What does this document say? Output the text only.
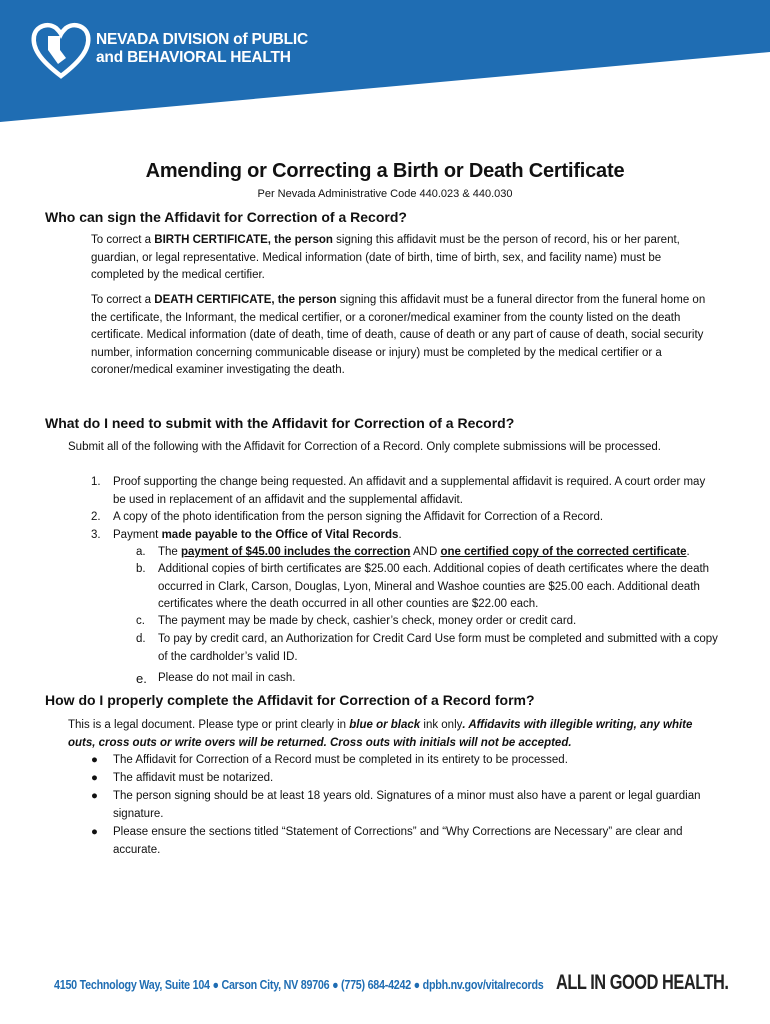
NEVADA DIVISION of PUBLIC
and BEHAVIORAL HEALTH
Amending or Correcting a Birth or Death Certificate
Per Nevada Administrative Code 440.023 & 440.030
Who can sign the Affidavit for Correction of a Record?

To correct a BIRTH CERTIFICATE, the person signing this affidavit must be the person of record, his or her parent, guardian, or legal representative. Medical information (date of birth, time of birth, sex, and facility name) must be completed by the medical certifier.

To correct a DEATH CERTIFICATE, the person signing this affidavit must be a funeral director from the funeral home on the certificate, the Informant, the medical certifier, or a coroner/medical examiner from the county listed on the death certificate. Medical information (date of death, time of death, cause of death or any part of cause of death, social security number, information concerning communicable disease or injury) must be completed by the medical certifier or a coroner/medical examiner investigating the death.

What do I need to submit with the Affidavit for Correction of a Record?

Submit all of the following with the Affidavit for Correction of a Record. Only complete submissions will be processed.

1. Proof supporting the change being requested. An affidavit and a supplemental affidavit is required. A court order may be used in replacement of an affidavit and the supplemental affidavit.
2. A copy of the photo identification from the person signing the Affidavit for Correction of a Record.
3. Payment made payable to the Office of Vital Records.
a. The payment of $45.00 includes the correction AND one certified copy of the corrected certificate.
b. Additional copies of birth certificates are $25.00 each. Additional copies of death certificates where the death occurred in Clark, Carson, Douglas, Lyon, Mineral and Washoe counties are $25.00 each. Additional death certificates where the death occurred in all other counties are $22.00 each.
c. The payment may be made by check, cashier’s check, money order or credit card.
d. To pay by credit card, an Authorization for Credit Card Use form must be completed and submitted with a copy of the cardholder’s valid ID.
e. Please do not mail in cash.
How do I properly complete the Affidavit for Correction of a Record form?

This is a legal document. Please type or print clearly in blue or black ink only. Affidavits with illegible writing, any white outs, cross outs or write overs will be returned. Cross outs with initials will not be accepted.

● The Affidavit for Correction of a Record must be completed in its entirety to be processed.
● The affidavit must be notarized.
● The person signing should be at least 18 years old. Signatures of a minor must also have a parent or legal guardian signature.
● Please ensure the sections titled “Statement of Corrections” and “Why Corrections are Necessary” are clear and accurate.
4150 Technology Way, Suite 104 ● Carson City, NV 89706 ● (775) 684-4242 ● dpbh.nv.gov/vitalrecords ALL IN GOOD HEALTH.
